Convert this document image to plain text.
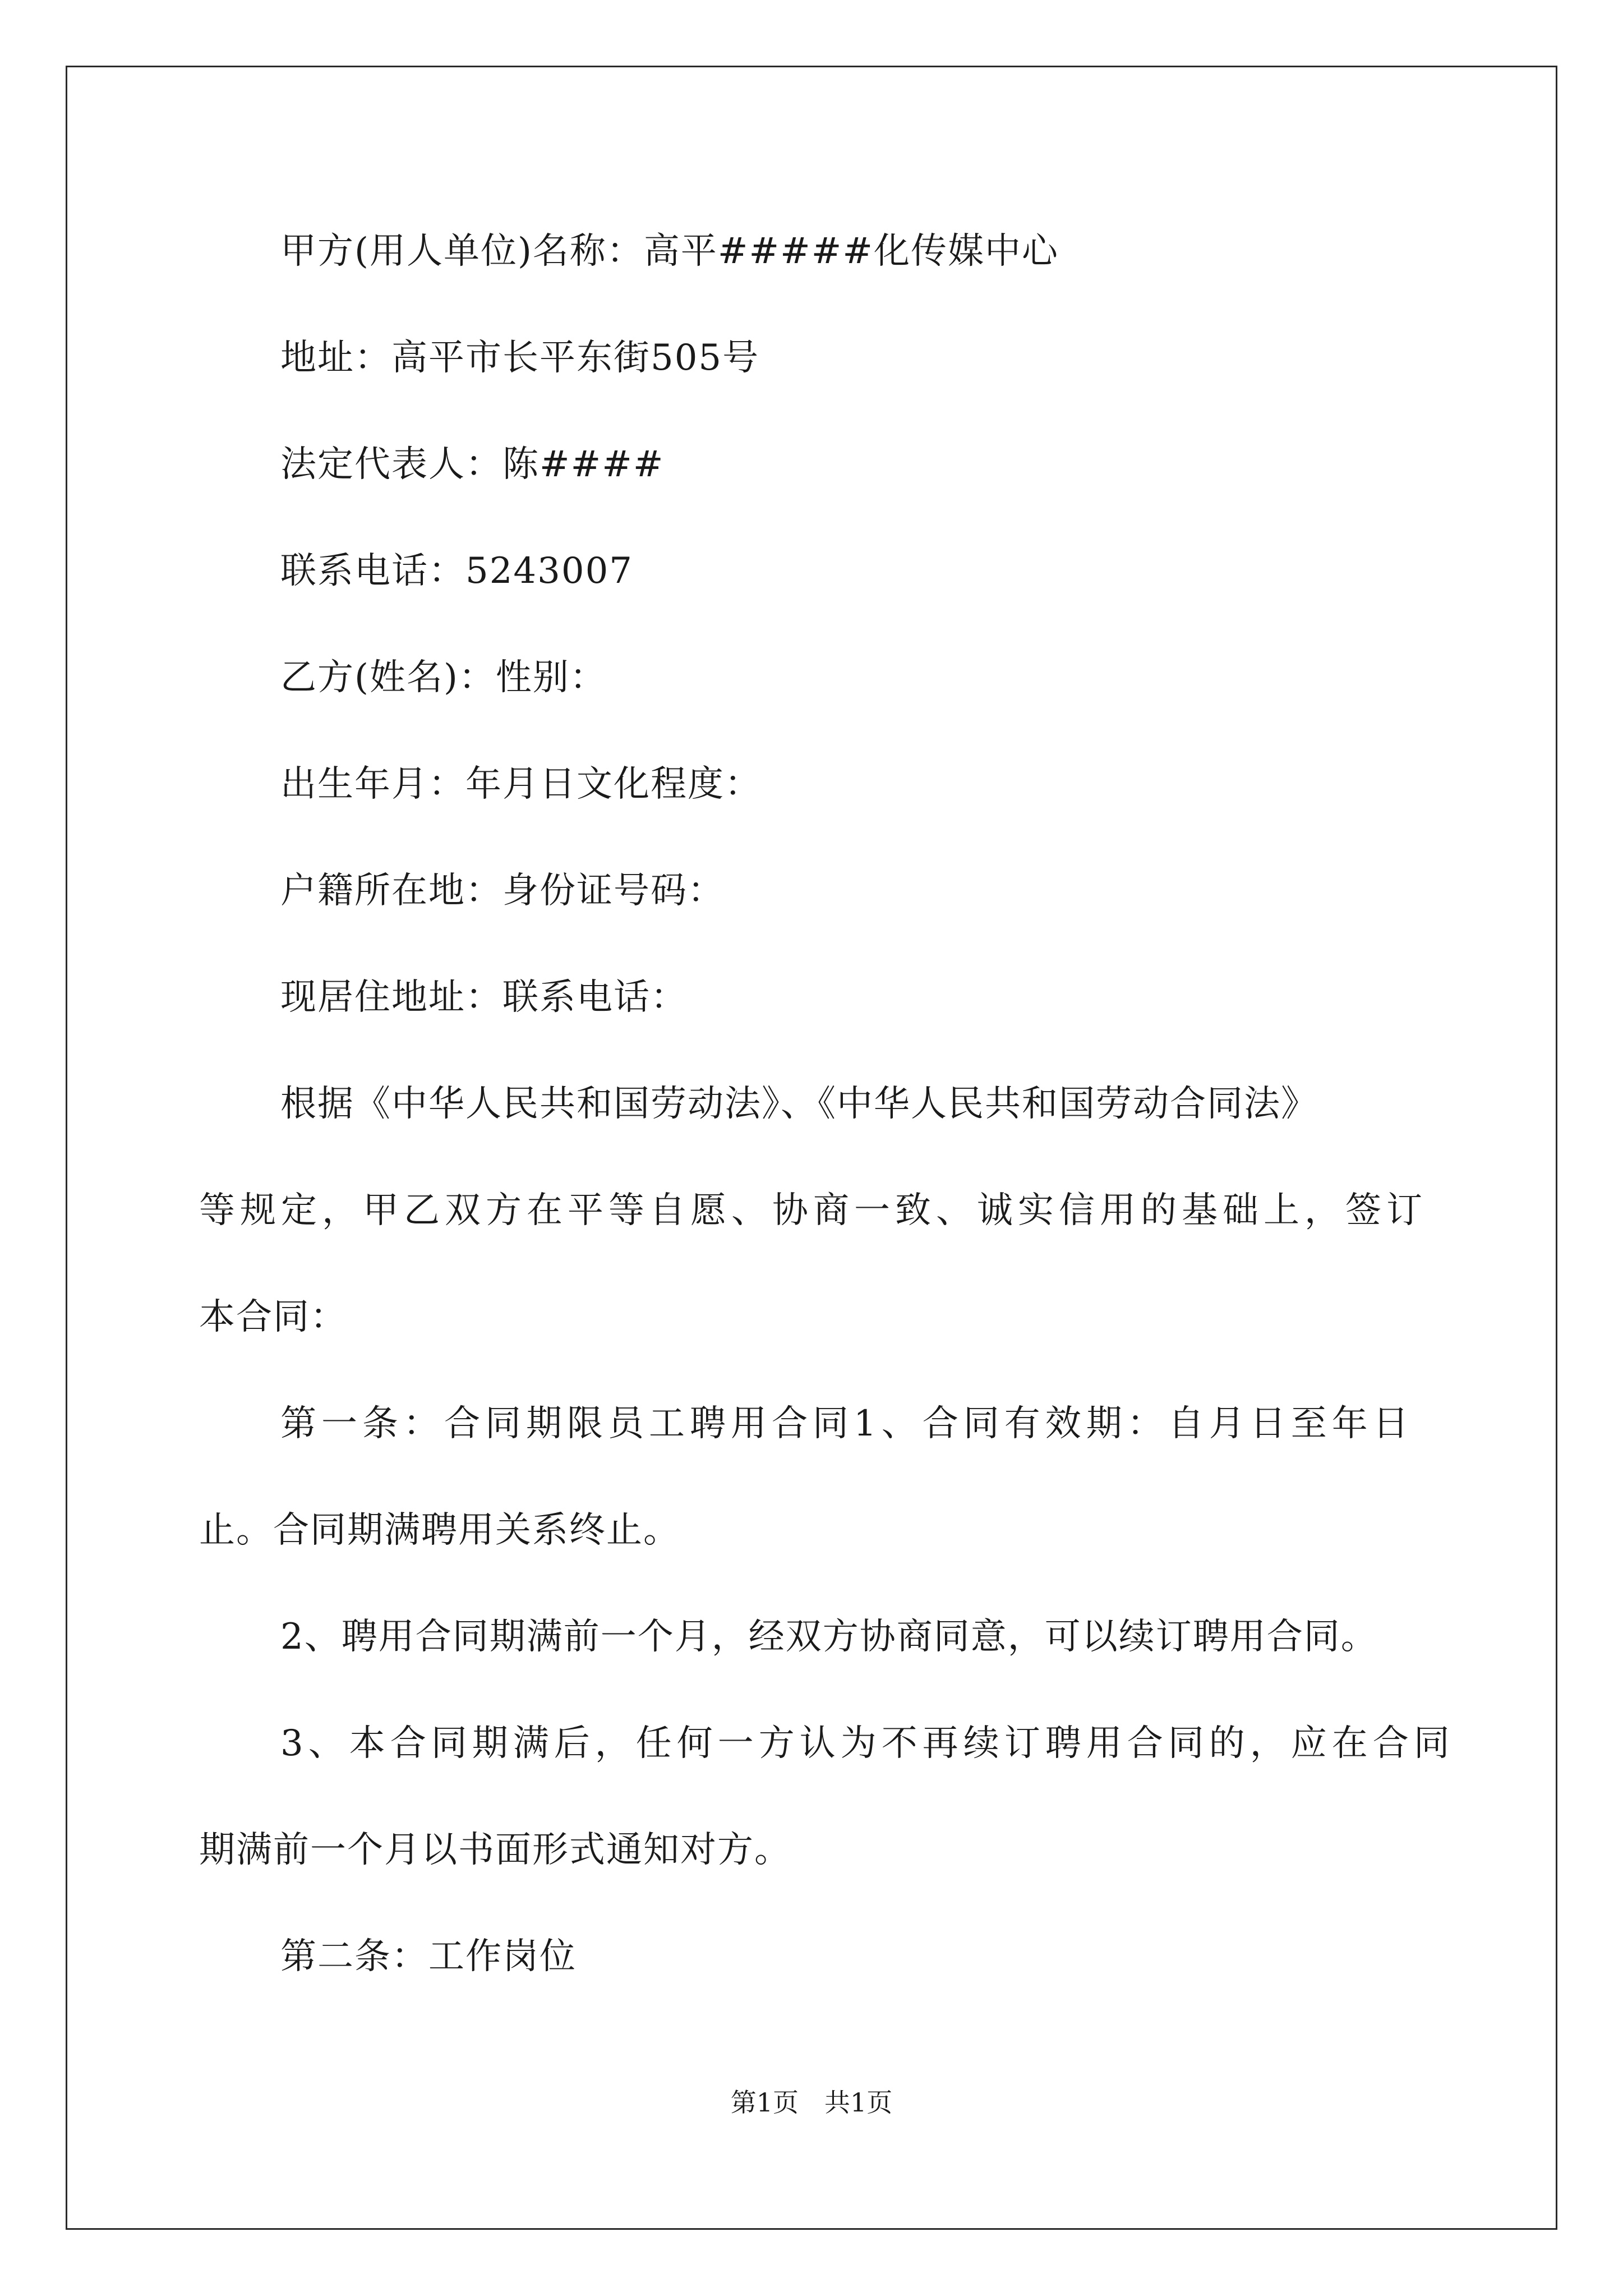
甲方(用人单位)名称：高平#####化传媒中心
地址：高平市长平东街505号
法定代表人：陈####
联系电话：5243007
乙方(姓名)：性别：
出生年月：年月日文化程度：
户籍所在地：身份证号码：
现居住地址：联系电话：
根据《中华人民共和国劳动法》、《中华人民共和国劳动合同法》
等规定，甲乙双方在平等自愿、协商一致、诚实信用的基础上，签订
本合同：
第一条：合同期限员工聘用合同1、合同有效期：自月日至年日
止。合同期满聘用关系终止。
2、聘用合同期满前一个月，经双方协商同意，可以续订聘用合同。
3、本合同期满后，任何一方认为不再续订聘用合同的，应在合同
期满前一个月以书面形式通知对方。
第二条：工作岗位
第1页　共1页
